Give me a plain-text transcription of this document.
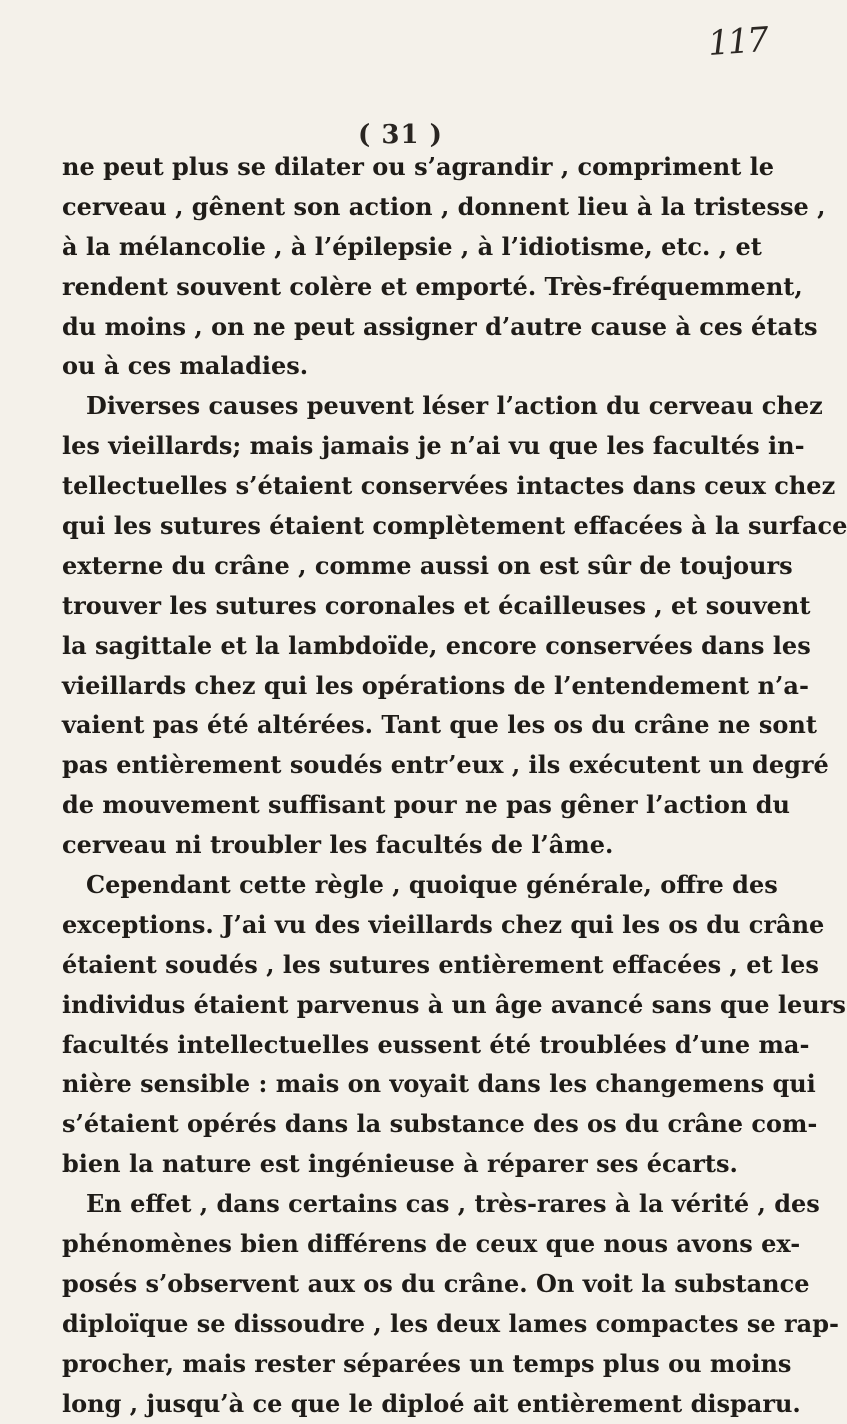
117
( 31 )
ne peut plus se dilater ou s’agrandir , compriment le
cerveau , gênent son action , donnent lieu à la tristesse ,
à la mélancolie , à l’épilepsie , à l’idiotisme, etc. , et
rendent souvent colère et emporté. Très-fréquemment,
du moins , on ne peut assigner d’autre cause à ces états
ou à ces maladies.
Diverses causes peuvent léser l’action du cerveau chez
les vieillards; mais jamais je n’ai vu que les facultés in-
tellectuelles s’étaient conservées intactes dans ceux chez
qui les sutures étaient complètement effacées à la surface
externe du crâne , comme aussi on est sûr de toujours
trouver les sutures coronales et écailleuses , et souvent
la sagittale et la lambdoïde, encore conservées dans les
vieillards chez qui les opérations de l’entendement n’a-
vaient pas été altérées. Tant que les os du crâne ne sont
pas entièrement soudés entr’eux , ils exécutent un degré
de mouvement suffisant pour ne pas gêner l’action du
cerveau ni troubler les facultés de l’âme.
Cependant cette règle , quoique générale, offre des
exceptions. J’ai vu des vieillards chez qui les os du crâne
étaient soudés , les sutures entièrement effacées , et les
individus étaient parvenus à un âge avancé sans que leurs
facultés intellectuelles eussent été troublées d’une ma-
nière sensible : mais on voyait dans les changemens qui
s’étaient opérés dans la substance des os du crâne com-
bien la nature est ingénieuse à réparer ses écarts.
En effet , dans certains cas , très-rares à la vérité , des
phénomènes bien différens de ceux que nous avons ex-
posés s’observent aux os du crâne. On voit la substance
diploïque se dissoudre , les deux lames compactes se rap-
procher, mais rester séparées un temps plus ou moins
long , jusqu’à ce que le diploé ait entièrement disparu.
